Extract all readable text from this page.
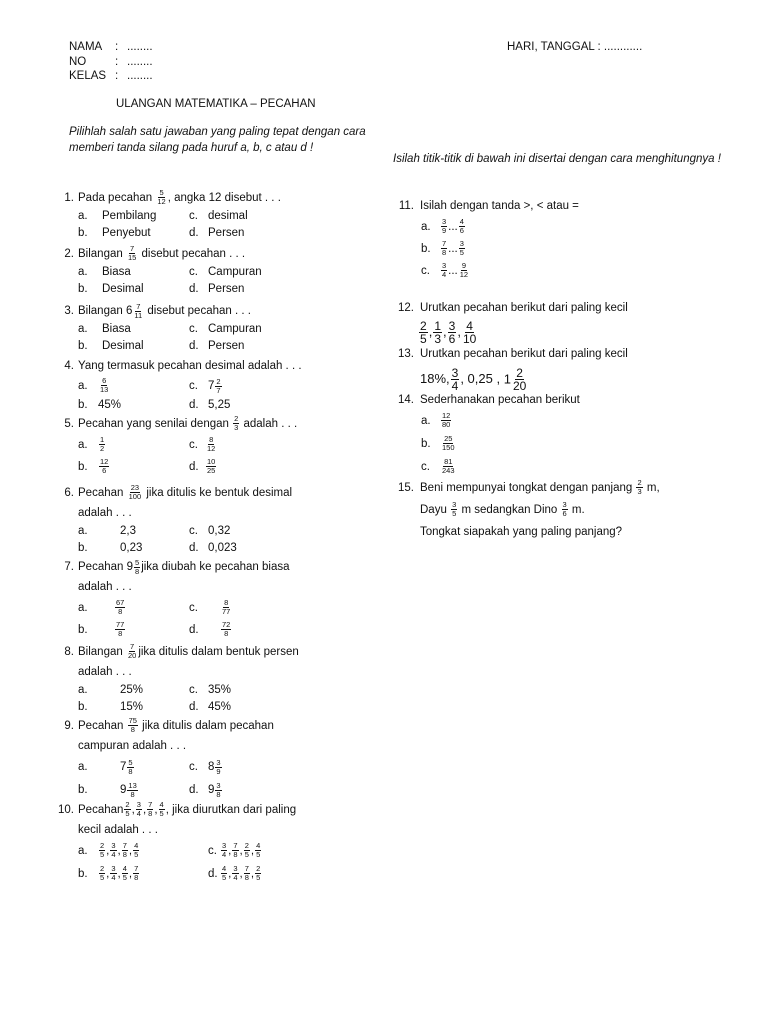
NAMA	: ........
NO	: ........
KELAS : ........
HARI, TANGGAL : ............
ULANGAN MATEMATIKA – PECAHAN
Pilihlah salah satu jawaban yang paling tepat dengan cara memberi tanda silang pada huruf a, b, c atau d !
Isilah titik-titik di bawah ini disertai dengan cara menghitungnya !
1. Pada pecahan $\frac{5}{12}$ , angka 12 disebut . . .
a. Pembilang	c. desimal
b. Penyebut	d. Persen
2. Bilangan $\frac{7}{15}$ disebut pecahan . . .
a. Biasa	c. Campuran
b. Desimal	d. Persen
3. Bilangan $6 \frac{7}{11}$ disebut pecahan . . .
a. Biasa	c. Campuran
b. Desimal	d. Persen
4. Yang termasuk pecahan desimal adalah . . .
a. $\frac{6}{13}$	c. $7 \frac{2}{7}$
b. 45%	d. 5,25
5. Pecahan yang senilai dengan $\frac{2}{3}$ adalah . . .
a. $\frac{1}{2}$	c. $\frac{8}{12}$
b. $\frac{12}{6}$	d. $\frac{10}{25}$
6. Pecahan $\frac{23}{100}$ jika ditulis ke bentuk desimal
adalah . . .
a.	2,3	c. 0,32
b.	0,23	d. 0,023
7. Pecahan $9 \frac{5}{8}$ jika diubah ke pecahan biasa
adalah . . .
a.	$\frac{67}{8}$	c.	$\frac{8}{77}$
b.	$\frac{77}{8}$	d.	$\frac{72}{8}$
8. Bilangan $\frac{7}{20}$ jika ditulis dalam bentuk persen
adalah . . .
a.	25%	c. 35%
b.	15%	d. 45%
9. Pecahan $\frac{75}{8}$ jika ditulis dalam pecahan
campuran adalah . . .
a.	$7 \frac{5}{8}$	c. $8 \frac{3}{9}$
b.	$9 \frac{13}{8}$	d. $9 \frac{3}{8}$
10. Pecahan $\frac{2}{5}$ , $\frac{3}{4}$ , $\frac{7}{8}$ , $\frac{4}{5}$ , jika diurutkan dari paling
kecil adalah . . .
a. $\frac{2}{5}$ , $\frac{3}{4}$ , $\frac{7}{8}$ , $\frac{4}{5}$	c. $\frac{3}{4}$ , $\frac{7}{8}$ , $\frac{2}{5}$ , $\frac{4}{5}$
b. $\frac{2}{5}$ , $\frac{3}{4}$ , $\frac{4}{5}$ , $\frac{7}{8}$	d. $\frac{4}{5}$ , $\frac{3}{4}$ , $\frac{7}{8}$ , $\frac{2}{5}$
11. Isilah dengan tanda >, < atau =
a. $\frac{3}{9}$ ... $\frac{4}{6}$
b. $\frac{7}{8}$ ... $\frac{3}{5}$
c. $\frac{3}{4}$ ... $\frac{9}{12}$
12. Urutkan pecahan berikut dari paling kecil
$\frac{2}{5}$ , $\frac{1}{3}$ , $\frac{3}{6}$ , $\frac{4}{10}$
13. Urutkan pecahan berikut dari paling kecil
18%, $\frac{3}{4}$ , 0,25 , $1 \frac{2}{20}$
14. Sederhanakan pecahan berikut
a. $\frac{12}{80}$
b. $\frac{25}{150}$
c. $\frac{81}{243}$
15. Beni mempunyai tongkat dengan panjang $\frac{2}{3} m$,
Dayu $\frac{3}{5}$ m sedangkan Dino $\frac{3}{6} m$.
Tongkat siapakah yang paling panjang?
